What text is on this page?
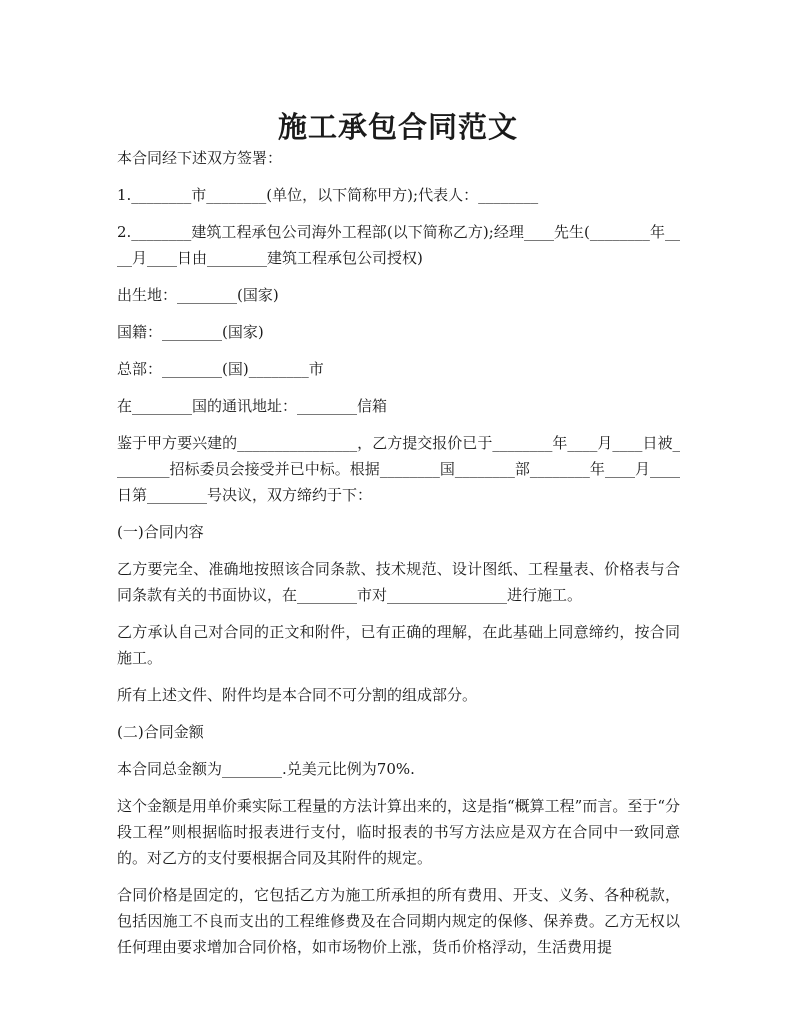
施工承包合同范文

本合同经下述双方签署：

1.________市________(单位，以下简称甲方);代表人：________

2.________建筑工程承包公司海外工程部(以下简称乙方);经理____先生(________年____月____日由________建筑工程承包公司授权)

出生地：________(国家)

国籍：________(国家)

总部：________(国)________市

在________国的通讯地址：________信箱

鉴于甲方要兴建的________________，乙方提交报价已于________年____月____日被________招标委员会接受并已中标。根据________国________部________年____月____日第________号决议，双方缔约于下：

(一)合同内容

乙方要完全、准确地按照该合同条款、技术规范、设计图纸、工程量表、价格表与合同条款有关的书面协议，在________市对________________进行施工。

乙方承认自己对合同的正文和附件，已有正确的理解，在此基础上同意缔约，按合同施工。

所有上述文件、附件均是本合同不可分割的组成部分。

(二)合同金额

本合同总金额为________.兑美元比例为70%.

这个金额是用单价乘实际工程量的方法计算出来的，这是指“概算工程”而言。至于“分段工程”则根据临时报表进行支付，临时报表的书写方法应是双方在合同中一致同意的。对乙方的支付要根据合同及其附件的规定。

合同价格是固定的，它包括乙方为施工所承担的所有费用、开支、义务、各种税款，包括因施工不良而支出的工程维修费及在合同期内规定的保修、保养费。乙方无权以任何理由要求增加合同价格，如市场物价上涨，货币价格浮动，生活费用提
